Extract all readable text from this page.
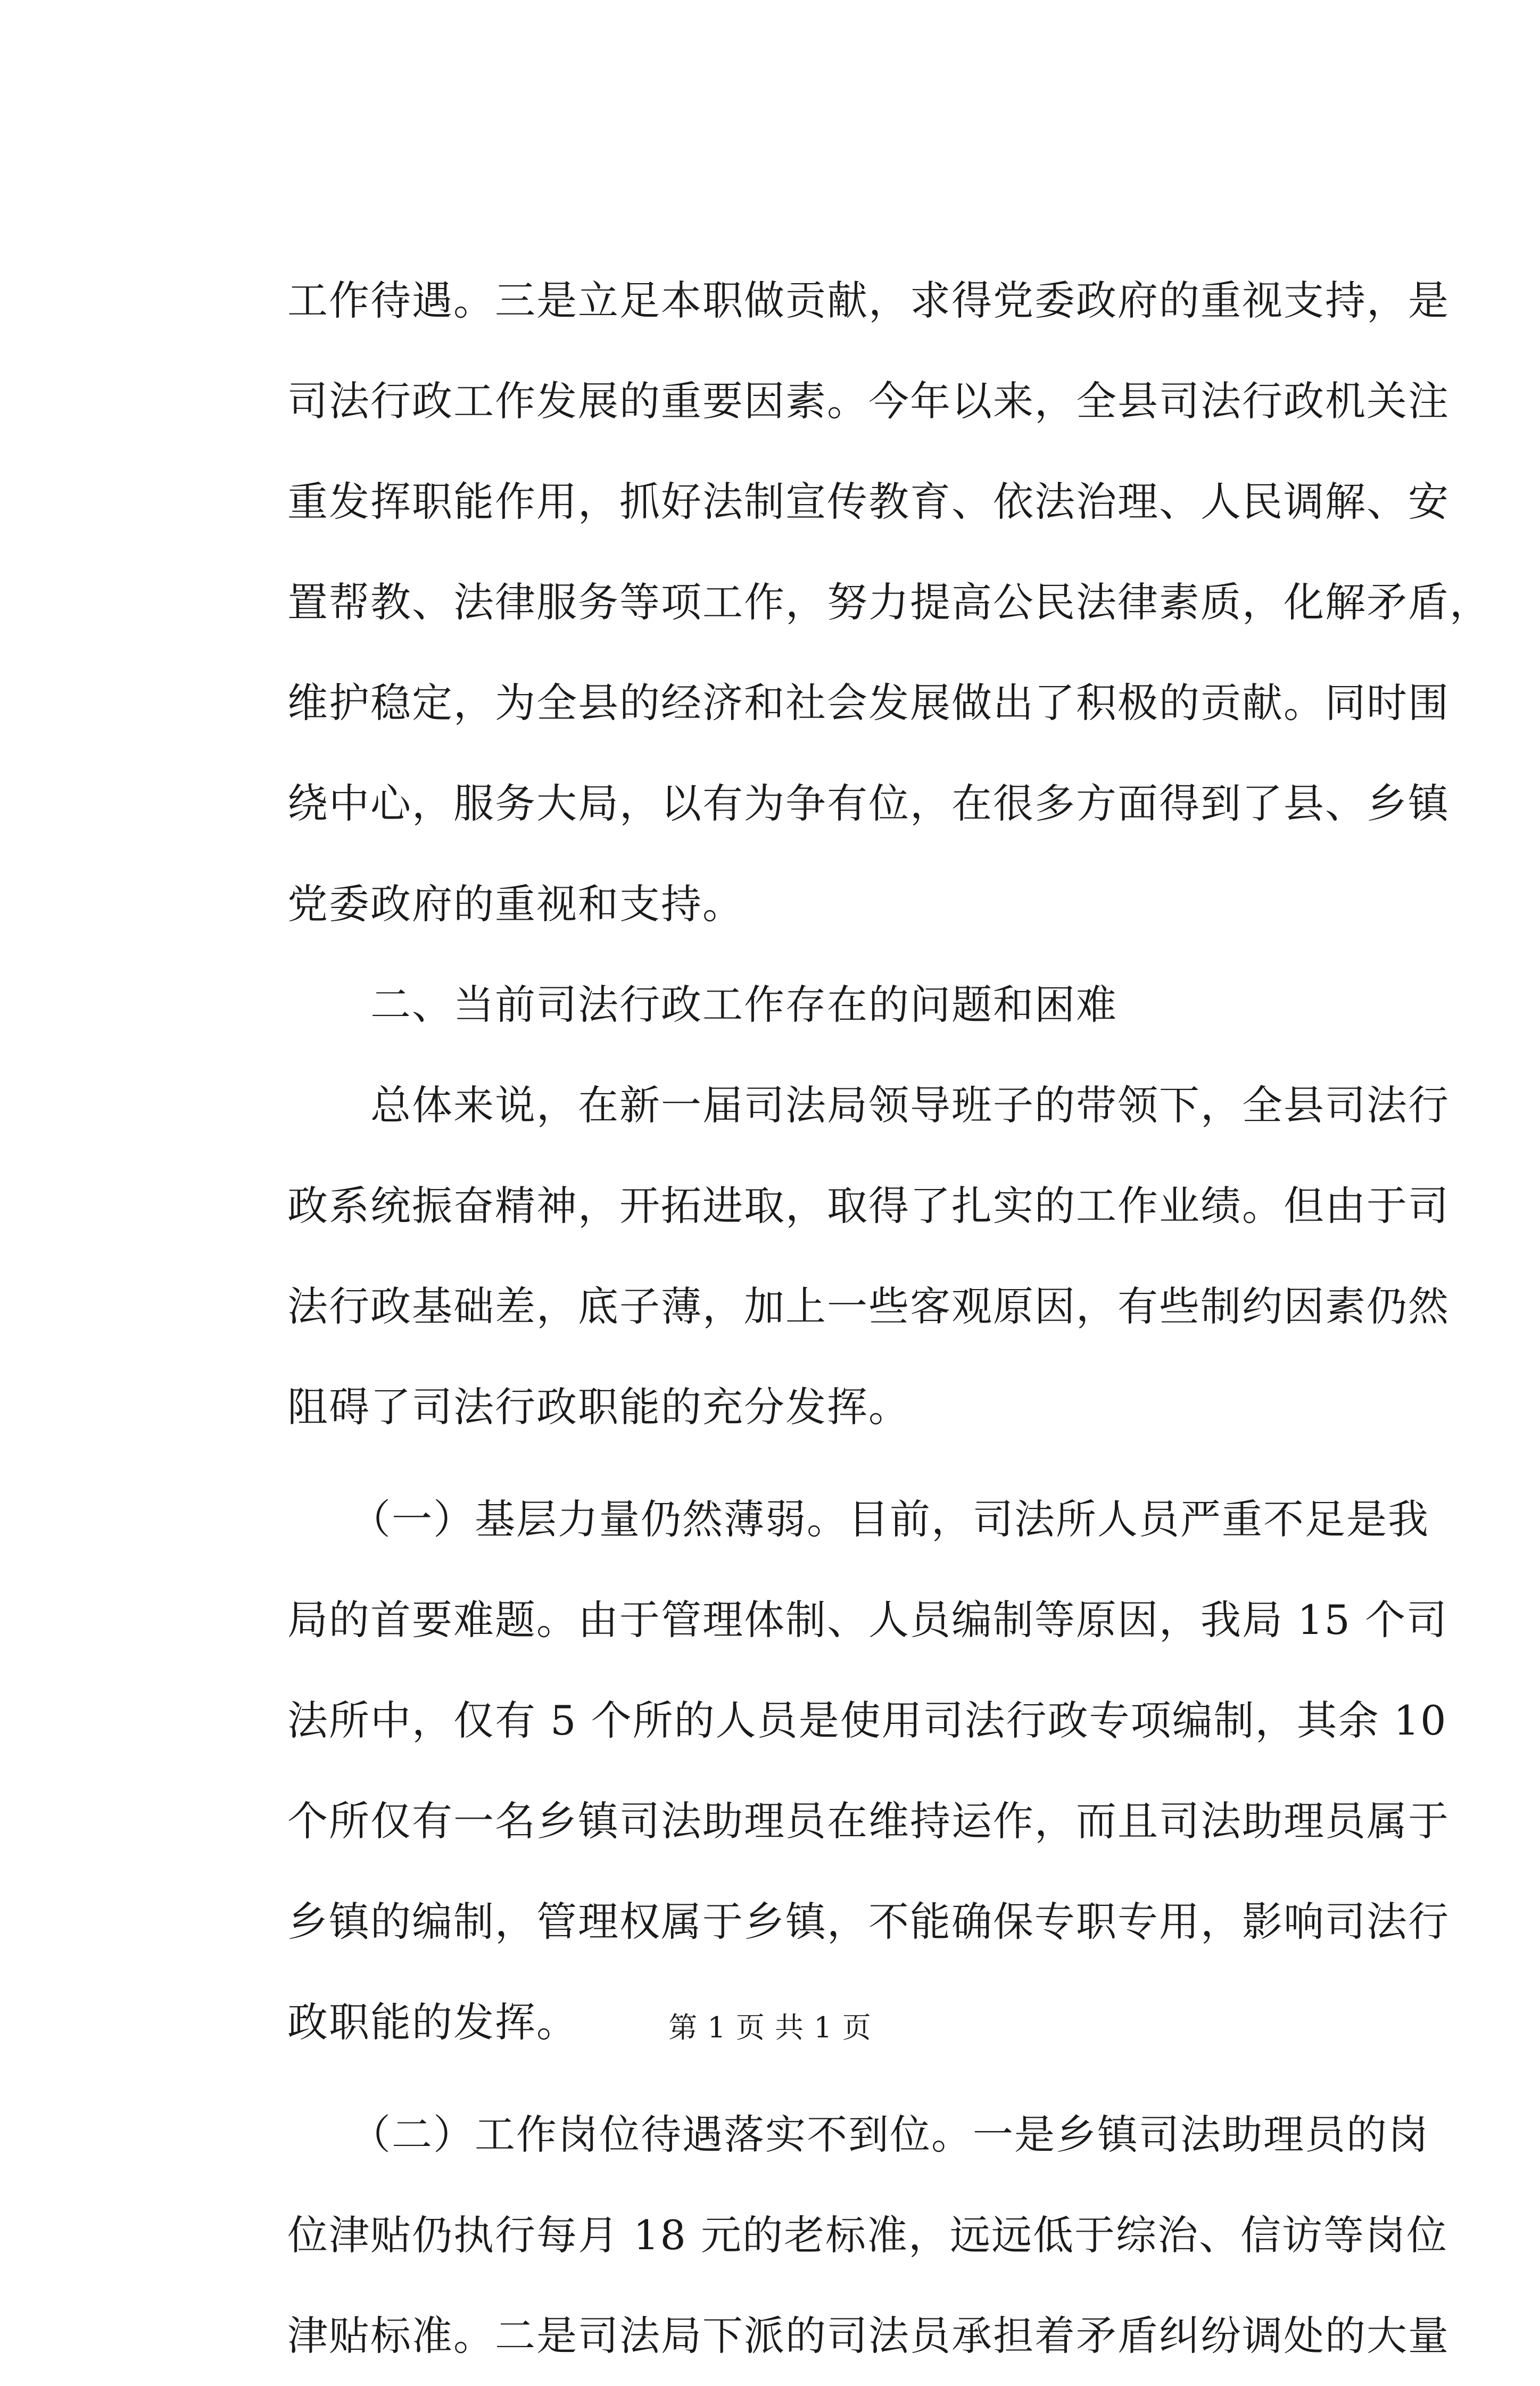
工作待遇。三是立足本职做贡献，求得党委政府的重视支持，是
司法行政工作发展的重要因素。今年以来，全县司法行政机关注
重发挥职能作用，抓好法制宣传教育、依法治理、人民调解、安
置帮教、法律服务等项工作，努力提高公民法律素质，化解矛盾，
维护稳定，为全县的经济和社会发展做出了积极的贡献。同时围
绕中心，服务大局，以有为争有位，在很多方面得到了县、乡镇
党委政府的重视和支持。
　　二、当前司法行政工作存在的问题和困难
　　总体来说，在新一届司法局领导班子的带领下，全县司法行
政系统振奋精神，开拓进取，取得了扎实的工作业绩。但由于司
法行政基础差，底子薄，加上一些客观原因，有些制约因素仍然
阻碍了司法行政职能的充分发挥。
　　（一）基层力量仍然薄弱。目前，司法所人员严重不足是我
局的首要难题。由于管理体制、人员编制等原因，我局 15 个司
法所中，仅有 5 个所的人员是使用司法行政专项编制，其余 10
个所仅有一名乡镇司法助理员在维持运作，而且司法助理员属于
乡镇的编制，管理权属于乡镇，不能确保专职专用，影响司法行
政职能的发挥。
　　（二）工作岗位待遇落实不到位。一是乡镇司法助理员的岗
位津贴仍执行每月 18 元的老标准，远远低于综治、信访等岗位
津贴标准。二是司法局下派的司法员承担着矛盾纠纷调处的大量
第 1 页 共 1 页
